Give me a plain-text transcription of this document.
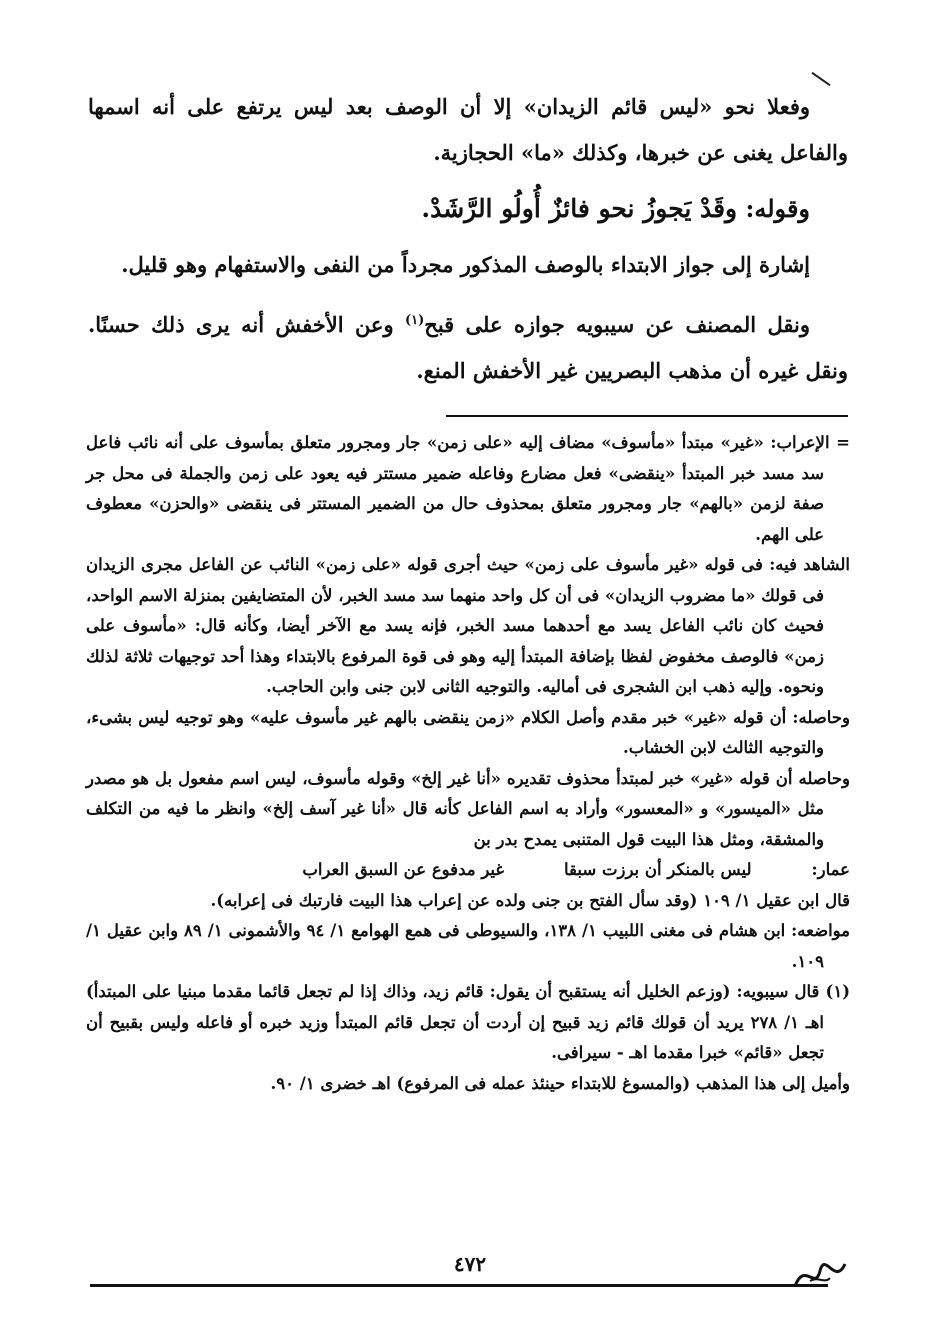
وفعلا نحو «ليس قائم الزيدان» إلا أن الوصف بعد ليس يرتفع على أنه اسمها والفاعل يغنى عن خبرها، وكذلك «ما» الحجازية.

وقوله: وقَدْ يَجوزُ نحو فائزٌ أُولُو الرَّشَدْ.

إشارة إلى جواز الابتداء بالوصف المذكور مجرداً من النفى والاستفهام وهو قليل.

ونقل المصنف عن سيبويه جوازه على قبح$^{(١)}$ وعن الأخفش أنه يرى ذلك حسنًا. ونقل غيره أن مذهب البصريين غير الأخفش المنع.

= الإعراب: «غير» مبتدأ «مأسوف» مضاف إليه «على زمن» جار ومجرور متعلق بمأسوف على أنه نائب فاعل سد مسد خبر المبتدأ «ينقضى» فعل مضارع وفاعله ضمير مستتر فيه يعود على زمن والجملة فى محل جر صفة لزمن «بالهم» جار ومجرور متعلق بمحذوف حال من الضمير المستتر فى ينقضى «والحزن» معطوف على الهم.

الشاهد فيه: فى قوله «غير مأسوف على زمن» حيث أجرى قوله «على زمن» النائب عن الفاعل مجرى الزيدان فى قولك «ما مضروب الزيدان» فى أن كل واحد منهما سد مسد الخبر، لأن المتضايفين بمنزلة الاسم الواحد، فحيث كان نائب الفاعل يسد مع أحدهما مسد الخبر، فإنه يسد مع الآخر أيضا، وكأنه قال: «مأسوف على زمن» فالوصف مخفوض لفظا بإضافة المبتدأ إليه وهو فى قوة المرفوع بالابتداء وهذا أحد توجيهات ثلاثة لذلك ونحوه. وإليه ذهب ابن الشجرى فى أماليه. والتوجيه الثانى لابن جنى وابن الحاجب.

وحاصله: أن قوله «غير» خبر مقدم وأصل الكلام «زمن ينقضى بالهم غير مأسوف عليه» وهو توجيه ليس بشىء، والتوجيه الثالث لابن الخشاب.

وحاصله أن قوله «غير» خبر لمبتدأ محذوف تقديره «أنا غير إلخ» وقوله مأسوف، ليس اسم مفعول بل هو مصدر مثل «الميسور» و «المعسور» وأراد به اسم الفاعل كأنه قال «أنا غير آسف إلخ» وانظر ما فيه من التكلف والمشقة، ومثل هذا البيت قول المتنبى يمدح بدر بن

عمار:
ليس بالمنكر أن برزت سبقا
غير مدفوع عن السبق العراب

قال ابن عقيل ١/ ١٠٩ (وقد سأل الفتح بن جنى ولده عن إعراب هذا البيت فارتبك فى إعرابه).

مواضعه: ابن هشام فى مغنى اللبيب ١/ ١٣٨، والسيوطى فى همع الهوامع ١/ ٩٤ والأشمونى ١/ ٨٩ وابن عقيل ١/ ١٠٩.

(١) قال سيبويه: (وزعم الخليل أنه يستقبح أن يقول: قائم زيد، وذاك إذا لم تجعل قائما مقدما مبنيا على المبتدأ) اهـ ١/ ٢٧٨ يريد أن قولك قائم زيد قبيح إن أردت أن تجعل قائم المبتدأ وزيد خبره أو فاعله وليس بقبيح أن تجعل «قائم» خبرا مقدما اهـ - سيرافى.

وأميل إلى هذا المذهب (والمسوغ للابتداء حينئذ عمله فى المرفوع) اهـ خضرى ١/ ٩٠.

٤٧٢
